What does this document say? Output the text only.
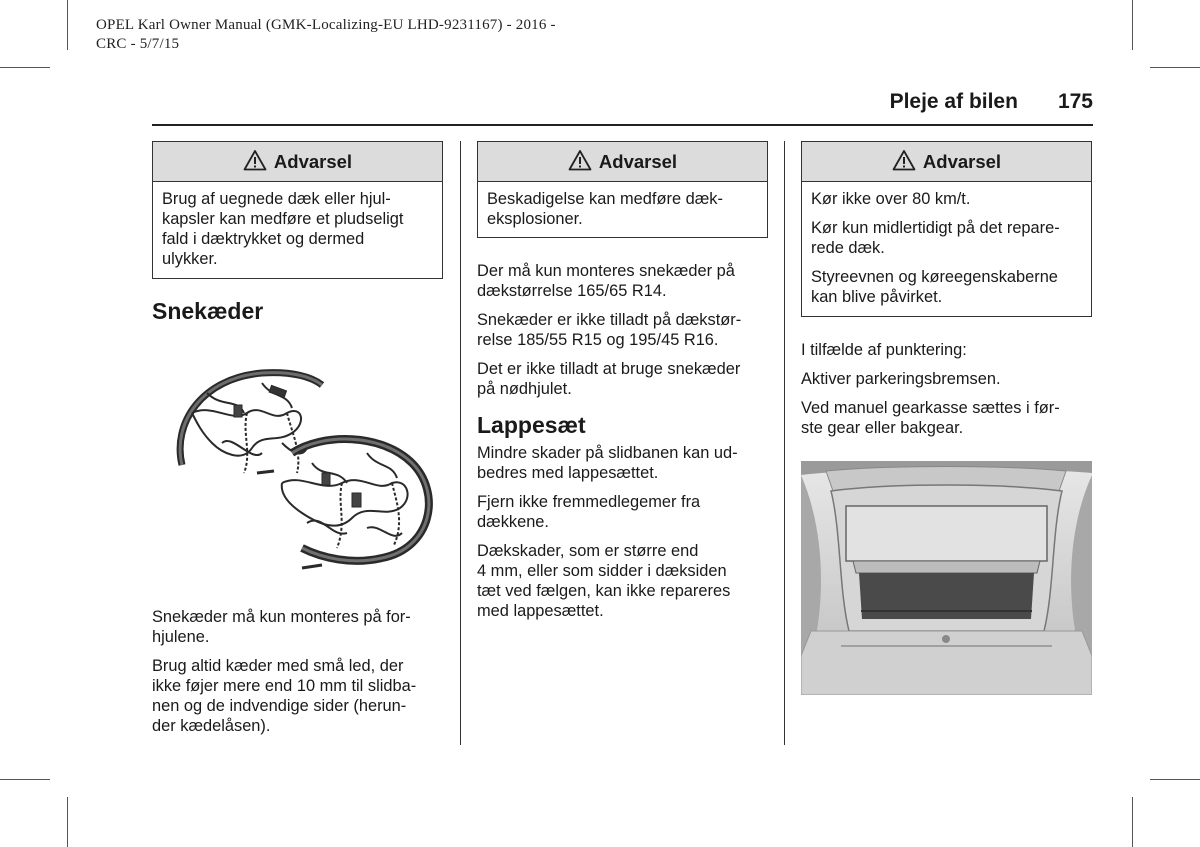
OPEL Karl Owner Manual (GMK-Localizing-EU LHD-9231167) - 2016 -
CRC - 5/7/15
Pleje af bilen 175
Advarsel
Brug af uegnede dæk eller hjul-
kapsler kan medføre et pludseligt
fald i dæktrykket og dermed
ulykker.
Snekæder
Snekæder må kun monteres på for-
hjulene.
Brug altid kæder med små led, der
ikke føjer mere end 10 mm til slidba-
nen og de indvendige sider (herun-
der kædelåsen).
Advarsel
Beskadigelse kan medføre dæk-
eksplosioner.
Der må kun monteres snekæder på
dækstørrelse 165/65 R14.
Snekæder er ikke tilladt på dækstør-
relse 185/55 R15 og 195/45 R16.
Det er ikke tilladt at bruge snekæder
på nødhjulet.
Lappesæt
Mindre skader på slidbanen kan ud-
bedres med lappesættet.
Fjern ikke fremmedlegemer fra
dækkene.
Dækskader, som er større end
4 mm, eller som sidder i dæksiden
tæt ved fælgen, kan ikke repareres
med lappesættet.
Advarsel

Kør ikke over 80 km/t.

Kør kun midlertidigt på det repare-
rede dæk.

Styreevnen og køreegenskaberne
kan blive påvirket.

I tilfælde af punktering:
Aktiver parkeringsbremsen.
Ved manuel gearkasse sættes i før-
ste gear eller bakgear.
